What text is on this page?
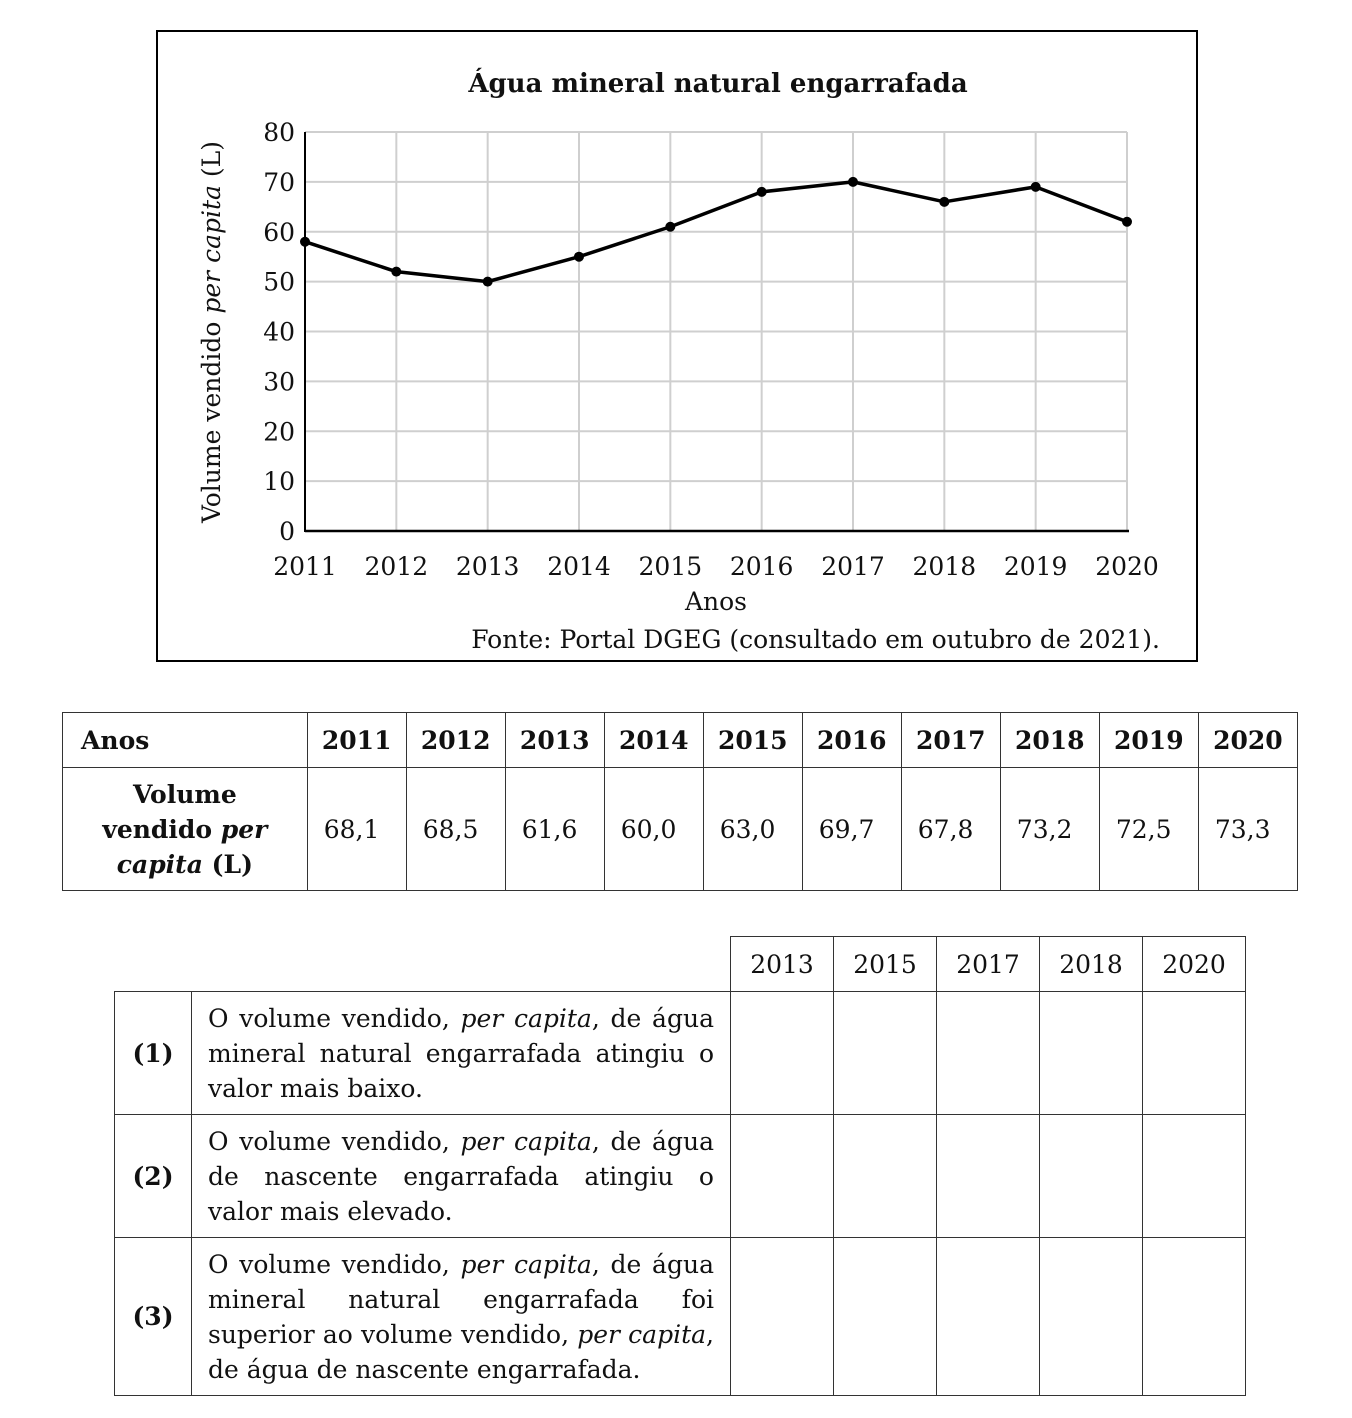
Água mineral natural engarrafada
0
10
20
30
40
50
60
70
80
2011 2012 2013 2014 2015 2016 2017 2018 2019 2020
Volume vendido per capita (L)
Anos
Fonte: Portal DGEG (consultado em outubro de 2021).
Anos	2011	2012	2013	2014	2015	2016	2017	2018	2019	2020
Volume
vendido per
capita (L)	68,1	68,5	61,6	60,0	63,0	69,7	67,8	73,2	72,5	73,3
		2013	2015	2017	2018	2020
(1)	O volume vendido, per capita, de água mineral natural engarrafada atingiu o valor mais baixo.					
(2)	O volume vendido, per capita, de água de nascente engarrafada atingiu o valor mais elevado.					
(3)	O volume vendido, per capita, de água mineral natural engarrafada foi superior ao volume vendido, per capita, de água de nascente engarrafada.					
